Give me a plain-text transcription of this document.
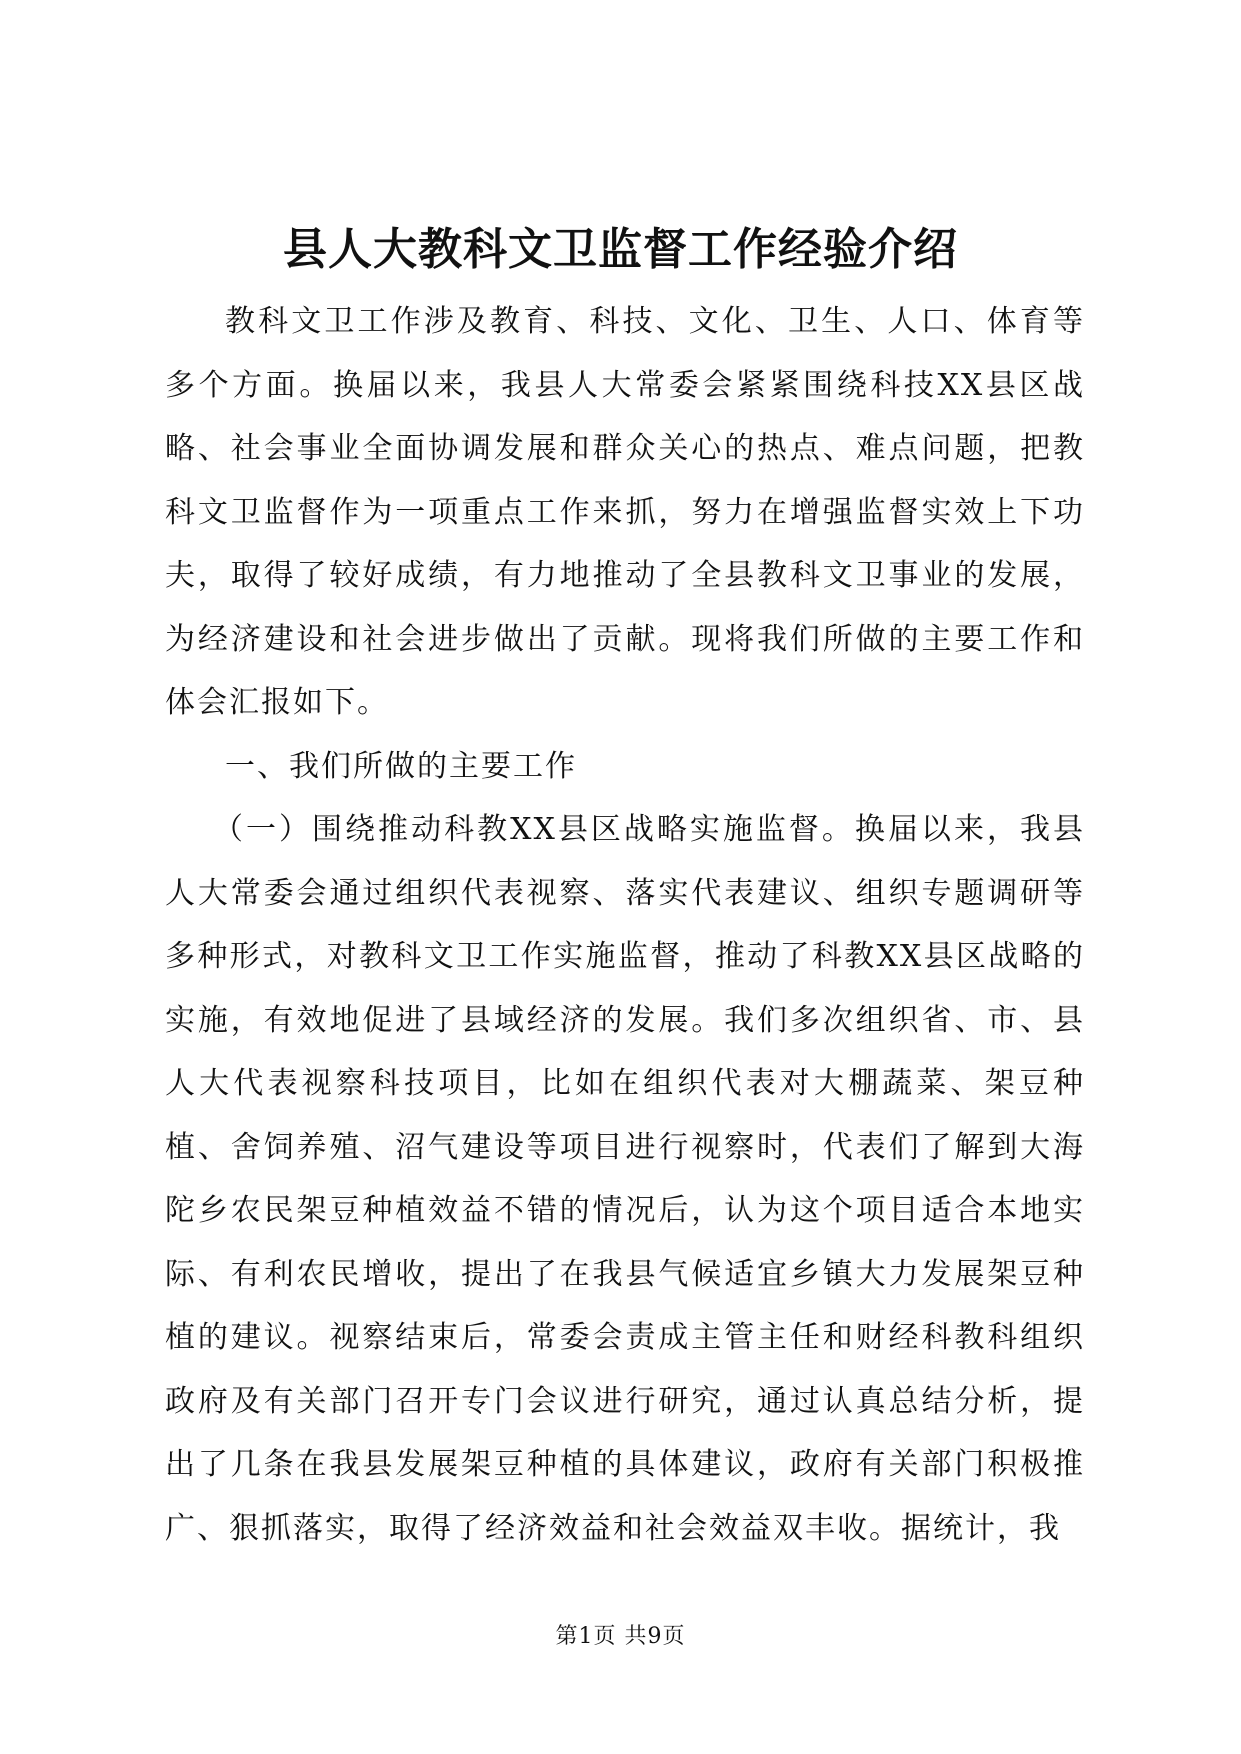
县人大教科文卫监督工作经验介绍

教科文卫工作涉及教育、科技、文化、卫生、人口、体育等多个方面。换届以来，我县人大常委会紧紧围绕科技XX县区战略、社会事业全面协调发展和群众关心的热点、难点问题，把教科文卫监督作为一项重点工作来抓，努力在增强监督实效上下功夫，取得了较好成绩，有力地推动了全县教科文卫事业的发展，为经济建设和社会进步做出了贡献。现将我们所做的主要工作和体会汇报如下。

一、我们所做的主要工作

（一）围绕推动科教XX县区战略实施监督。换届以来，我县人大常委会通过组织代表视察、落实代表建议、组织专题调研等多种形式，对教科文卫工作实施监督，推动了科教XX县区战略的实施，有效地促进了县域经济的发展。我们多次组织省、市、县人大代表视察科技项目，比如在组织代表对大棚蔬菜、架豆种植、舍饲养殖、沼气建设等项目进行视察时，代表们了解到大海陀乡农民架豆种植效益不错的情况后，认为这个项目适合本地实际、有利农民增收，提出了在我县气候适宜乡镇大力发展架豆种植的建议。视察结束后，常委会责成主管主任和财经科教科组织政府及有关部门召开专门会议进行研究，通过认真总结分析，提出了几条在我县发展架豆种植的具体建议，政府有关部门积极推广、狠抓落实，取得了经济效益和社会效益双丰收。据统计，我

第1页 共9页
